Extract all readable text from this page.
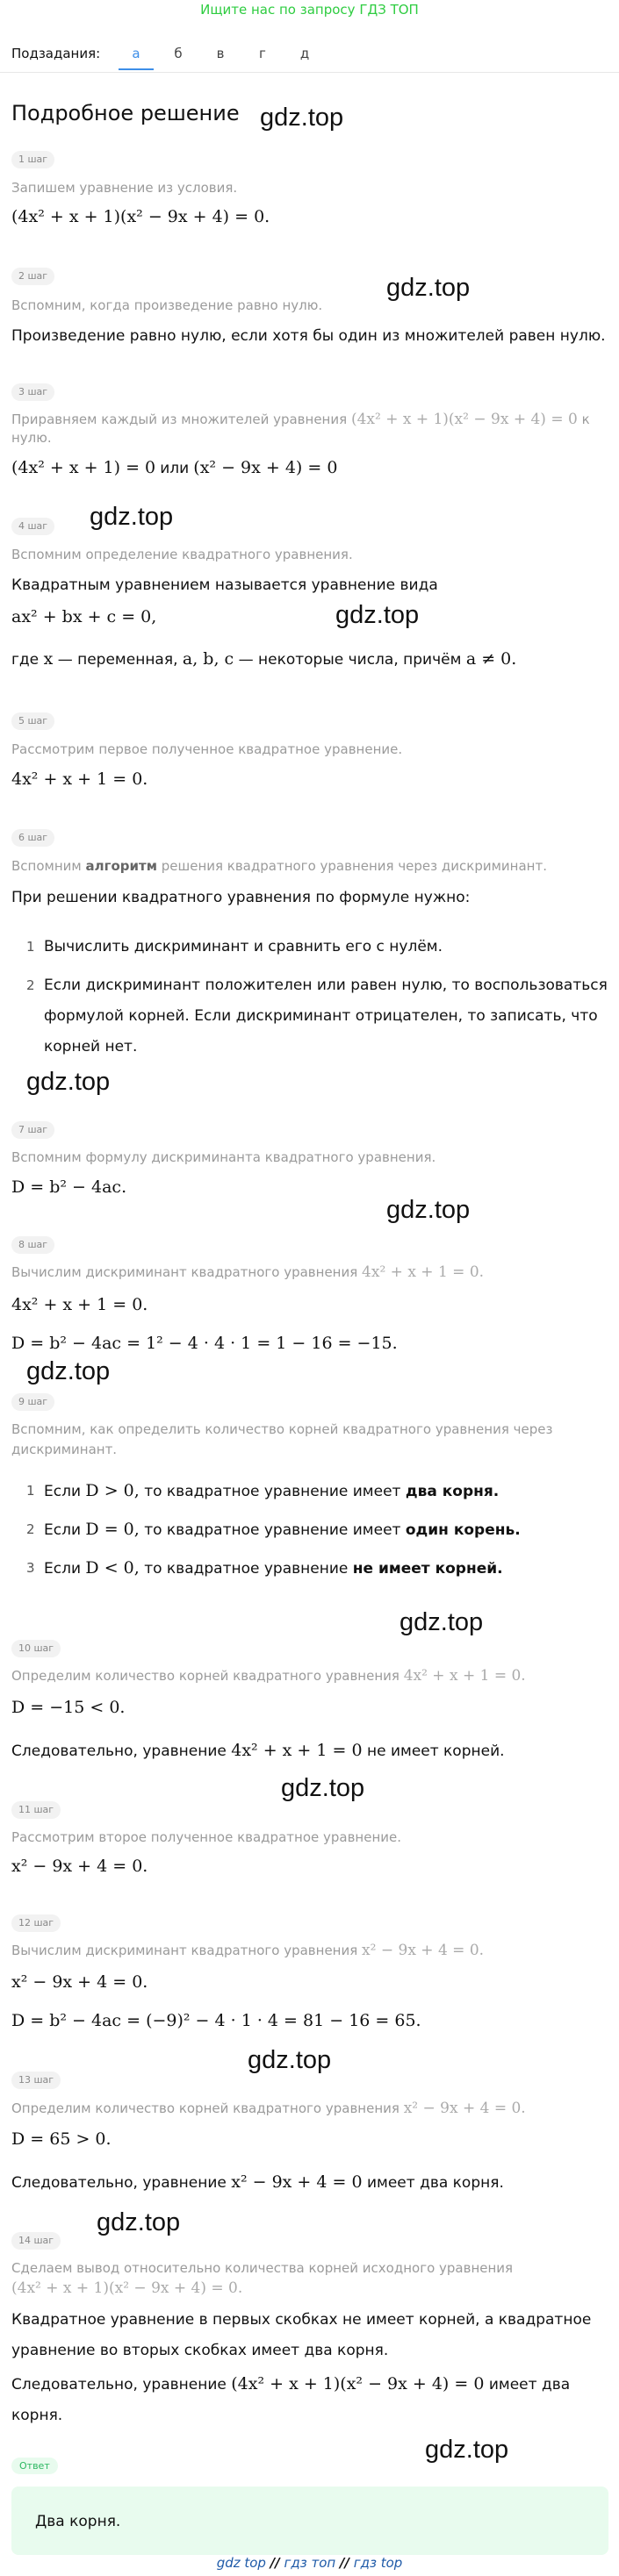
Ищите нас по запросу ГДЗ ТОП
Подзадания:	а	б	в	г	д
Подробное решение gdz.top
gdz.top
gdz.top
gdz.top
gdz.top
gdz.top
gdz.top
gdz.top
gdz.top
gdz.top
gdz.top
gdz.top
1 шаг
Запишем уравнение из условия.
(4x² + x + 1)(x² − 9x + 4) = 0.
2 шаг
Вспомним, когда произведение равно нулю.
Произведение равно нулю, если хотя бы один из множителей равен нулю.
3 шаг
Приравняем каждый из множителей уравнения (4x² + x + 1)(x² − 9x + 4) = 0 к
нулю.
(4x² + x + 1) = 0 или (x² − 9x + 4) = 0
4 шаг
Вспомним определение квадратного уравнения.
Квадратным уравнением называется уравнение вида
ax² + bx + c = 0,
где x — переменная, a, b, c — некоторые числа, причём a ≠ 0.
5 шаг
Рассмотрим первое полученное квадратное уравнение.
4x² + x + 1 = 0.
6 шаг
Вспомним алгоритм решения квадратного уравнения через дискриминант.
При решении квадратного уравнения по формуле нужно:
1 Вычислить дискриминант и сравнить его с нулём.
2 Если дискриминант положителен или равен нулю, то воспользоваться
формулой корней. Если дискриминант отрицателен, то записать, что
корней нет.
7 шаг
Вспомним формулу дискриминанта квадратного уравнения.
D = b² − 4ac.
8 шаг
Вычислим дискриминант квадратного уравнения 4x² + x + 1 = 0.
4x² + x + 1 = 0.
D = b² − 4ac = 1² − 4 · 4 · 1 = 1 − 16 = −15.
9 шаг
Вспомним, как определить количество корней квадратного уравнения через
дискриминант.
1 Если D > 0, то квадратное уравнение имеет два корня.
2 Если D = 0, то квадратное уравнение имеет один корень.
3 Если D < 0, то квадратное уравнение не имеет корней.
10 шаг
Определим количество корней квадратного уравнения 4x² + x + 1 = 0.
D = −15 < 0.
Следовательно, уравнение 4x² + x + 1 = 0 не имеет корней.
11 шаг
Рассмотрим второе полученное квадратное уравнение.
x² − 9x + 4 = 0.
12 шаг
Вычислим дискриминант квадратного уравнения x² − 9x + 4 = 0.
x² − 9x + 4 = 0.
D = b² − 4ac = (−9)² − 4 · 1 · 4 = 81 − 16 = 65.
13 шаг
Определим количество корней квадратного уравнения x² − 9x + 4 = 0.
D = 65 > 0.
Следовательно, уравнение x² − 9x + 4 = 0 имеет два корня.
14 шаг
Сделаем вывод относительно количества корней исходного уравнения
(4x² + x + 1)(x² − 9x + 4) = 0.
Квадратное уравнение в первых скобках не имеет корней, а квадратное
уравнение во вторых скобках имеет два корня.
Следовательно, уравнение (4x² + x + 1)(x² − 9x + 4) = 0 имеет два
корня.
Ответ
Два корня.
gdz top // гдз топ // гдз top
